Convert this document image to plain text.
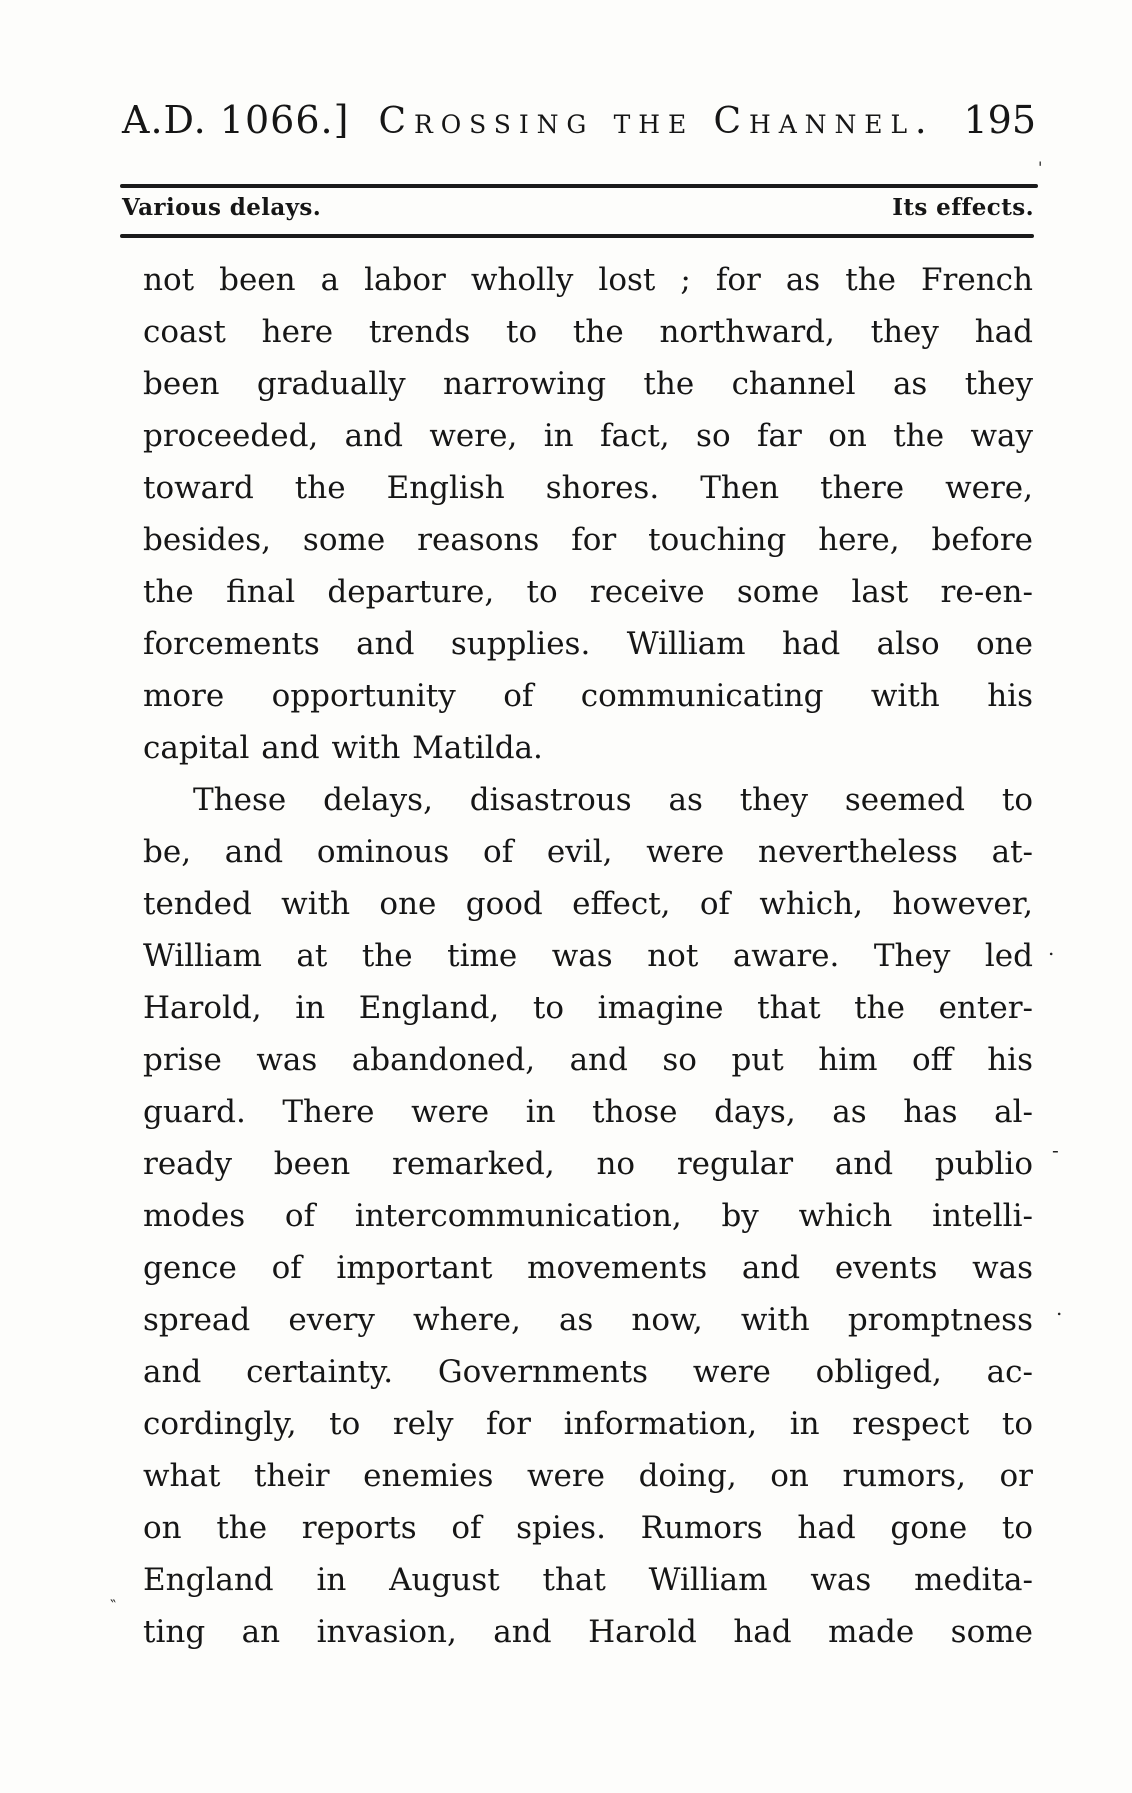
A.D. 1066.] Crossing the Channel. 195
Various delays.	Its effects.
not been a labor wholly lost ; for as the French
coast here trends to the northward, they had
been gradually narrowing the channel as they
proceeded, and were, in fact, so far on the way
toward the English shores. Then there were,
besides, some reasons for touching here, before
the final departure, to receive some last re-en-
forcements and supplies. William had also one
more opportunity of communicating with his
capital and with Matilda.
These delays, disastrous as they seemed to
be, and ominous of evil, were nevertheless at-
tended with one good effect, of which, however,
William at the time was not aware. They led
Harold, in England, to imagine that the enter-
prise was abandoned, and so put him off his
guard. There were in those days, as has al-
ready been remarked, no regular and publio
modes of intercommunication, by which intelli-
gence of important movements and events was
spread every where, as now, with promptness
and certainty. Governments were obliged, ac-
cordingly, to rely for information, in respect to
what their enemies were doing, on rumors, or
on the reports of spies. Rumors had gone to
England in August that William was medita-
ting an invasion, and Harold had made some
'
.
-
.
‶
